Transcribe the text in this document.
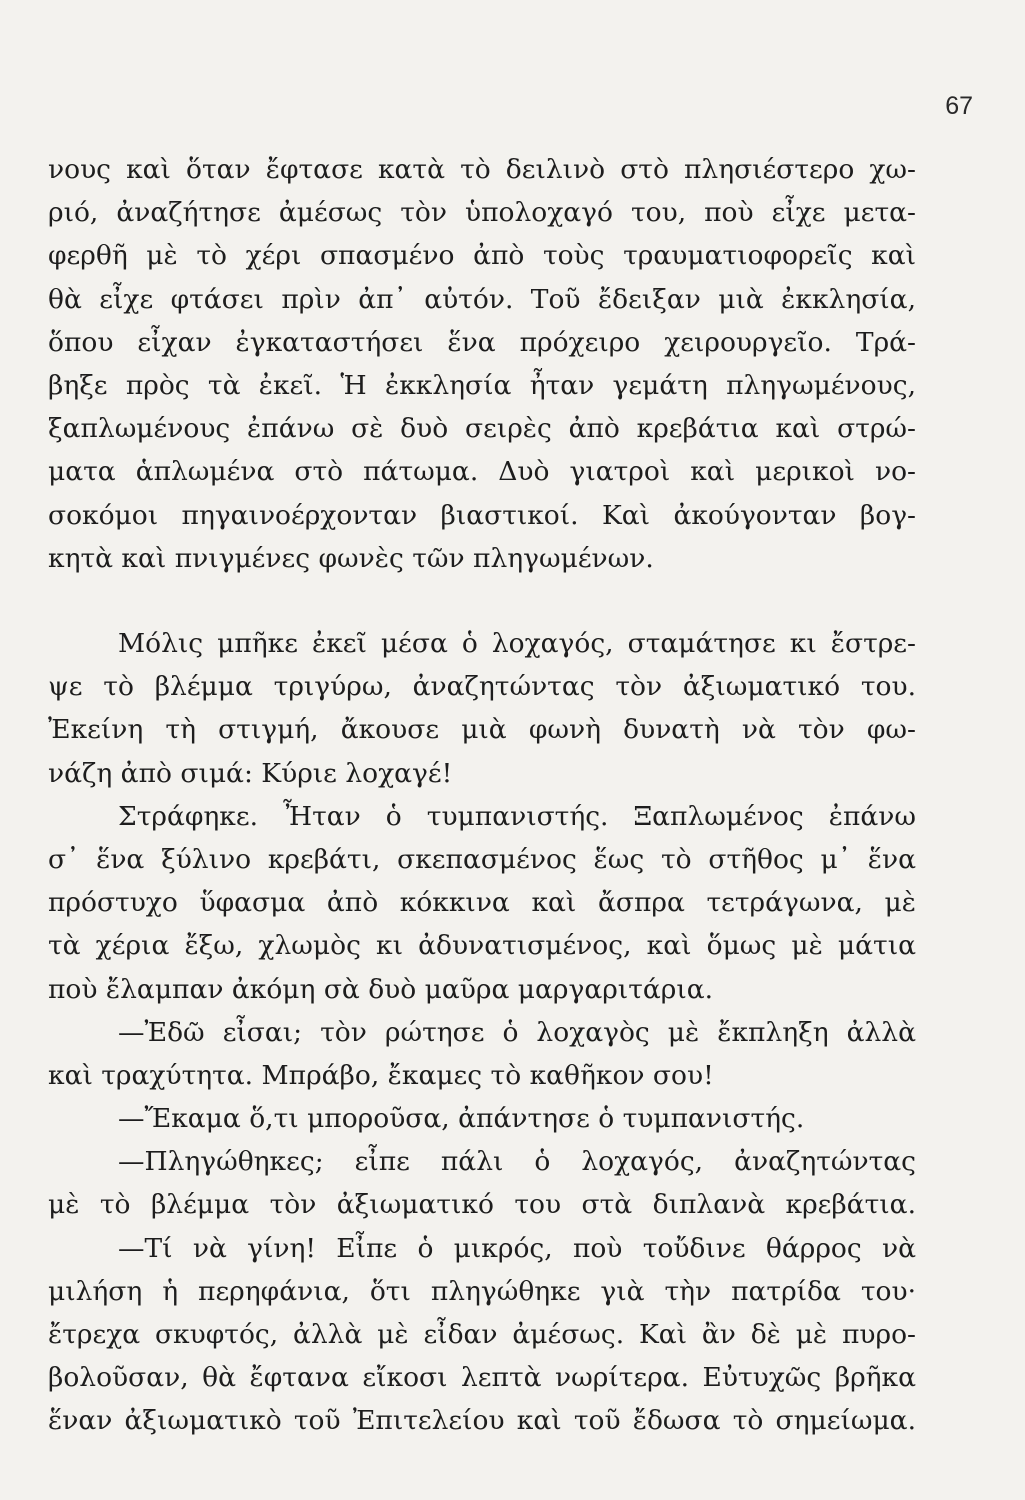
67
νους καὶ ὅταν ἔφτασε κατὰ τὸ δειλινὸ στὸ πλησιέστερο χω-
ριό, ἀναζήτησε ἀμέσως τὸν ὑπολοχαγό του, ποὺ εἶχε μετα-
φερθῆ μὲ τὸ χέρι σπασμένο ἀπὸ τοὺς τραυματιοφορεῖς καὶ
θὰ εἶχε φτάσει πρὶν ἀπ᾿ αὐτόν. Τοῦ ἔδειξαν μιὰ ἐκκλησία,
ὅπου εἶχαν ἐγκαταστήσει ἕνα πρόχειρο χειρουργεῖο. Τρά-
βηξε πρὸς τὰ ἐκεῖ. Ἡ ἐκκλησία ἦταν γεμάτη πληγωμένους,
ξαπλωμένους ἐπάνω σὲ δυὸ σειρὲς ἀπὸ κρεβάτια καὶ στρώ-
ματα ἁπλωμένα στὸ πάτωμα. Δυὸ γιατροὶ καὶ μερικοὶ νο-
σοκόμοι πηγαινοέρχονταν βιαστικοί. Καὶ ἀκούγονταν βογ-
κητὰ καὶ πνιγμένες φωνὲς τῶν πληγωμένων.
Μόλις μπῆκε ἐκεῖ μέσα ὁ λοχαγός, σταμάτησε κι ἔστρε-
ψε τὸ βλέμμα τριγύρω, ἀναζητώντας τὸν ἀξιωματικό του.
Ἐκείνη τὴ στιγμή, ἄκουσε μιὰ φωνὴ δυνατὴ νὰ τὸν φω-
νάζη ἀπὸ σιμά: Κύριε λοχαγέ!
Στράφηκε. Ἦταν ὁ τυμπανιστής. Ξαπλωμένος ἐπάνω
σ᾿ ἕνα ξύλινο κρεβάτι, σκεπασμένος ἕως τὸ στῆθος μ᾿ ἕνα
πρόστυχο ὕφασμα ἀπὸ κόκκινα καὶ ἄσπρα τετράγωνα, μὲ
τὰ χέρια ἔξω, χλωμὸς κι ἀδυνατισμένος, καὶ ὅμως μὲ μάτια
ποὺ ἔλαμπαν ἀκόμη σὰ δυὸ μαῦρα μαργαριτάρια.
—Ἐδῶ εἶσαι; τὸν ρώτησε ὁ λοχαγὸς μὲ ἔκπληξη ἀλλὰ
καὶ τραχύτητα. Μπράβο, ἔκαμες τὸ καθῆκον σου!
—Ἔκαμα ὅ,τι μποροῦσα, ἀπάντησε ὁ τυμπανιστής.
—Πληγώθηκες; εἶπε πάλι ὁ λοχαγός, ἀναζητώντας
μὲ τὸ βλέμμα τὸν ἀξιωματικό του στὰ διπλανὰ κρεβάτια.
—Τί νὰ γίνη! Εἶπε ὁ μικρός, ποὺ τοὔδινε θάρρος νὰ
μιλήση ἡ περηφάνια, ὅτι πληγώθηκε γιὰ τὴν πατρίδα του·
ἔτρεχα σκυφτός, ἀλλὰ μὲ εἶδαν ἀμέσως. Καὶ ἂν δὲ μὲ πυρο-
βολοῦσαν, θὰ ἔφτανα εἴκοσι λεπτὰ νωρίτερα. Εὐτυχῶς βρῆκα
ἕναν ἀξιωματικὸ τοῦ Ἐπιτελείου καὶ τοῦ ἔδωσα τὸ σημείωμα.
